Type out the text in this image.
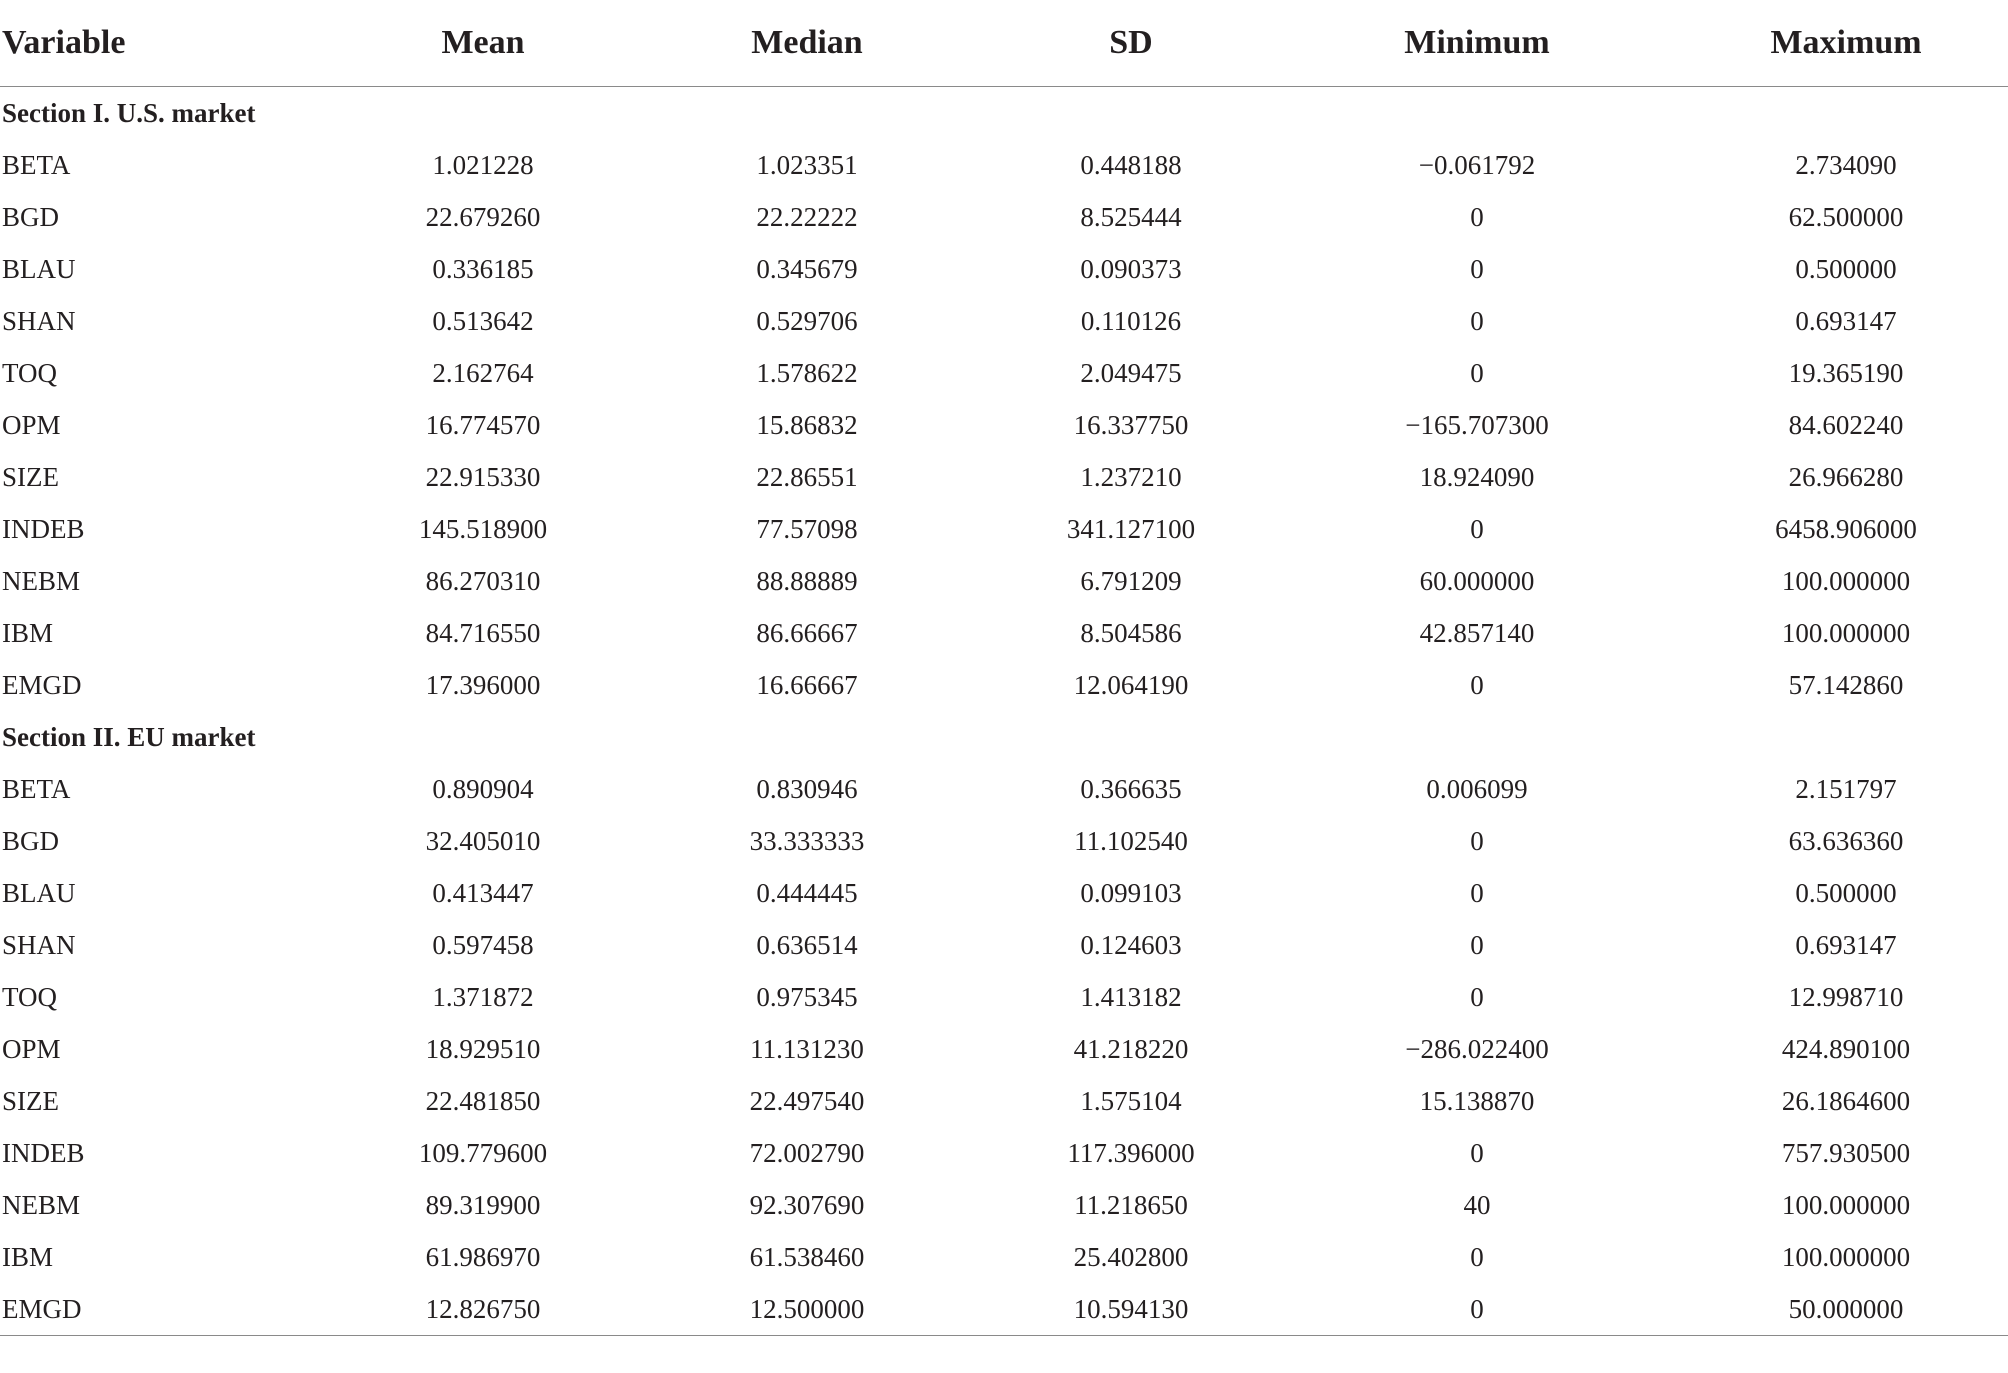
Variable	Mean	Median	SD	Minimum	Maximum
Section I. U.S. market					
BETA	1.021228	1.023351	0.448188	−0.061792	2.734090
BGD	22.679260	22.22222	8.525444	0	62.500000
BLAU	0.336185	0.345679	0.090373	0	0.500000
SHAN	0.513642	0.529706	0.110126	0	0.693147
TOQ	2.162764	1.578622	2.049475	0	19.365190
OPM	16.774570	15.86832	16.337750	−165.707300	84.602240
SIZE	22.915330	22.86551	1.237210	18.924090	26.966280
INDEB	145.518900	77.57098	341.127100	0	6458.906000
NEBM	86.270310	88.88889	6.791209	60.000000	100.000000
IBM	84.716550	86.66667	8.504586	42.857140	100.000000
EMGD	17.396000	16.66667	12.064190	0	57.142860
Section II. EU market					
BETA	0.890904	0.830946	0.366635	0.006099	2.151797
BGD	32.405010	33.333333	11.102540	0	63.636360
BLAU	0.413447	0.444445	0.099103	0	0.500000
SHAN	0.597458	0.636514	0.124603	0	0.693147
TOQ	1.371872	0.975345	1.413182	0	12.998710
OPM	18.929510	11.131230	41.218220	−286.022400	424.890100
SIZE	22.481850	22.497540	1.575104	15.138870	26.1864600
INDEB	109.779600	72.002790	117.396000	0	757.930500
NEBM	89.319900	92.307690	11.218650	40	100.000000
IBM	61.986970	61.538460	25.402800	0	100.000000
EMGD	12.826750	12.500000	10.594130	0	50.000000
